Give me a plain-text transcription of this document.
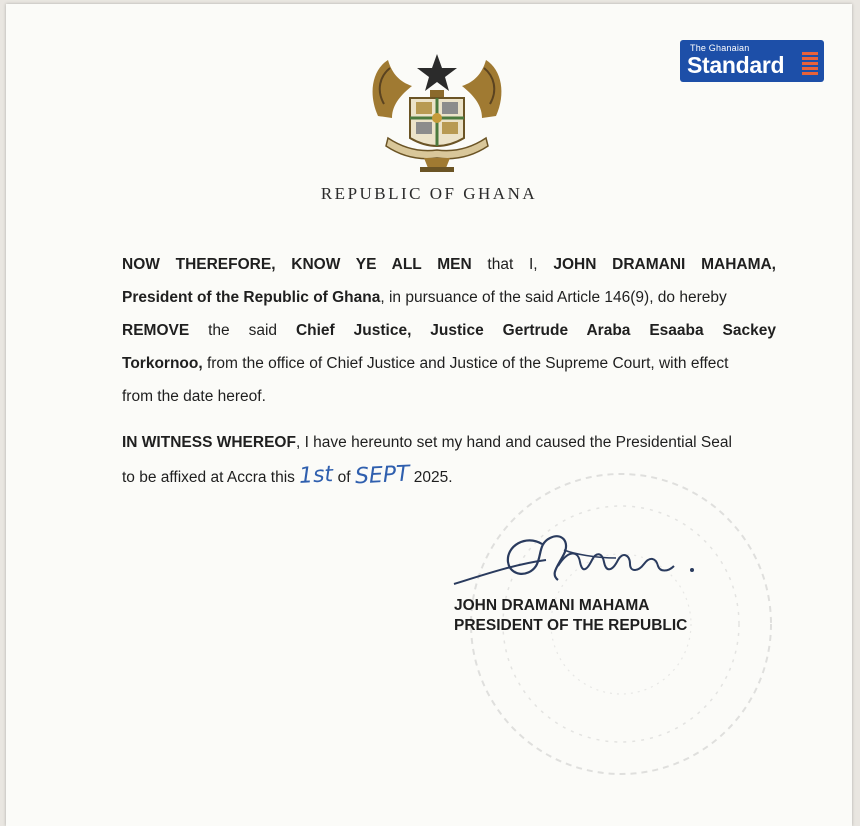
REPUBLIC OF GHANA
The Ghanaian
Standard
NOW THEREFORE, KNOW YE ALL MEN that I, JOHN DRAMANI MAHAMA,
President of the Republic of Ghana, in pursuance of the said Article 146(9), do hereby
REMOVE the said Chief Justice, Justice Gertrude Araba Esaaba Sackey
Torkornoo, from the office of Chief Justice and Justice of the Supreme Court, with effect
from the date hereof.
IN WITNESS WHEREOF, I have hereunto set my hand and caused the Presidential Seal
to be affixed at Accra this 1st of SEPT 2025.
JOHN DRAMANI MAHAMA
PRESIDENT OF THE REPUBLIC
